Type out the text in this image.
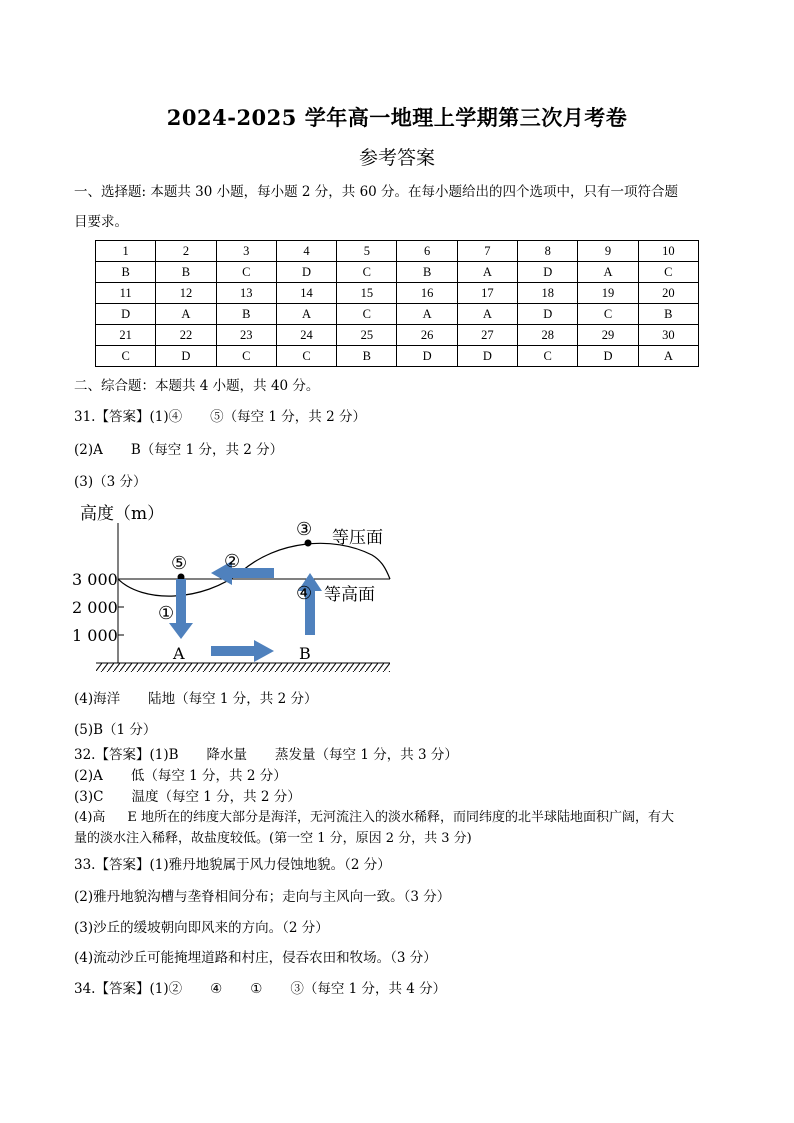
2024-2025 学年高一地理上学期第三次月考卷
参考答案
一、选择题: 本题共 30 小题，每小题 2 分，共 60 分。在每小题给出的四个选项中，只有一项符合题
目要求。
1	2	3	4	5	6	7	8	9	10
B	B	C	D	C	B	A	D	A	C
11	12	13	14	15	16	17	18	19	20
D	A	B	A	C	A	A	D	C	B
21	22	23	24	25	26	27	28	29	30
C	D	C	C	B	D	D	C	D	A
二、综合题：本题共 4 小题，共 40 分。
31.【答案】(1)④ ⑤（每空 1 分，共 2 分）
(2)A B（每空 1 分，共 2 分）
(3)（3 分）
高度（m）
3 000
2 000
1 000
③ 等压面
⑤ ②
④ 等高面
①
A	B
(4)海洋 陆地（每空 1 分，共 2 分）
(5)B（1 分）
32.【答案】(1)B 降水量 蒸发量（每空 1 分，共 3 分）
(2)A 低（每空 1 分，共 2 分）
(3)C 温度（每空 1 分，共 2 分）
(4)高 E 地所在的纬度大部分是海洋，无河流注入的淡水稀释，而同纬度的北半球陆地面积广阔，有大
量的淡水注入稀释，故盐度较低。(第一空 1 分，原因 2 分，共 3 分)
33.【答案】(1)雅丹地貌属于风力侵蚀地貌。（2 分）
(2)雅丹地貌沟槽与垄脊相间分布；走向与主风向一致。（3 分）
(3)沙丘的缓坡朝向即风来的方向。（2 分）
(4)流动沙丘可能掩埋道路和村庄，侵吞农田和牧场。（3 分）
34.【答案】(1)② ④ ① ③（每空 1 分，共 4 分）
